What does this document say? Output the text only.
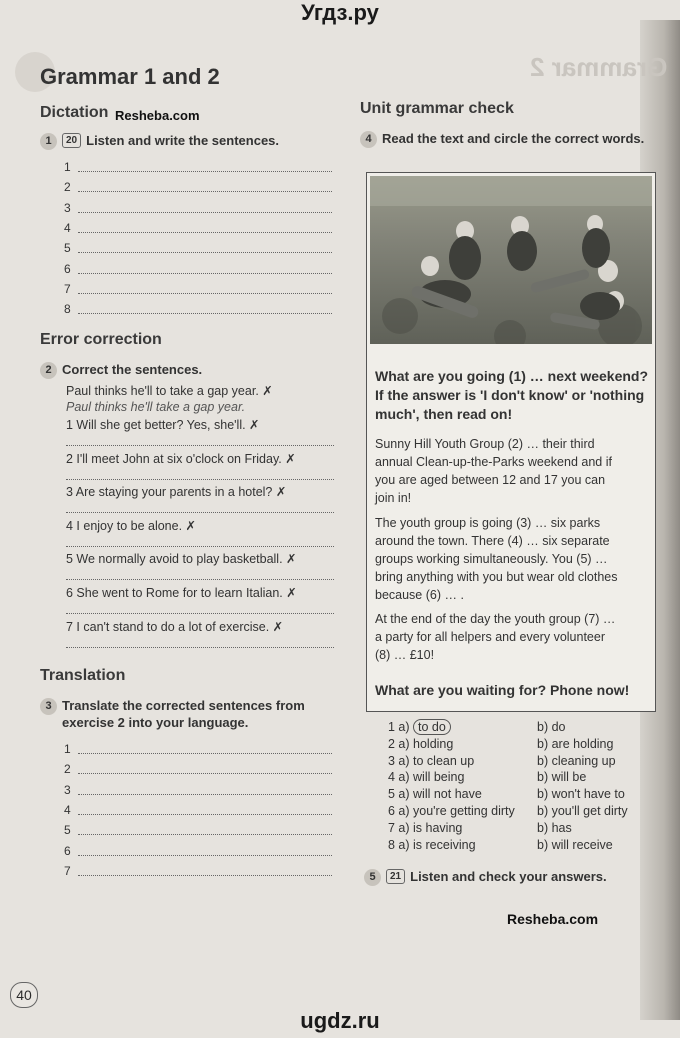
Угдз.ру
Grammar 1 and 2
Dictation Resheba.com
1	20 Listen and write the sentences.
1
2
3
4
5
6
7
8
Error correction
2 Correct the sentences.
Paul thinks he'll to take a gap year. ✗
Paul thinks he'll take a gap year.
1 Will she get better? Yes, she'll. ✗
2 I'll meet John at six o'clock on Friday. ✗
3 Are staying your parents in a hotel? ✗
4 I enjoy to be alone. ✗
5 We normally avoid to play basketball. ✗
6 She went to Rome for to learn Italian. ✗
7 I can't stand to do a lot of exercise. ✗
Translation
3 Translate the corrected sentences from
exercise 2 into your language.
1
2
3
4
5
6
7
Grammar 2
Unit grammar check
4 Read the text and circle the correct words.
What are you going (1) … next weekend?
If the answer is 'I don't know' or 'nothing
much', then read on!
Sunny Hill Youth Group (2) … their third
annual Clean-up-the-Parks weekend and if
you are aged between 12 and 17 you can
join in!
The youth group is going (3) … six parks
around the town. There (4) … six separate
groups working simultaneously. You (5) …
bring anything with you but wear old clothes
because (6) … .
At the end of the day the youth group (7) …
a party for all helpers and every volunteer
(8) … £10!
What are you waiting for? Phone now!
1 a) to do	b) do
2 a) holding	b) are holding
3 a) to clean up	b) cleaning up
4 a) will being	b) will be
5 a) will not have	b) won't have to
6 a) you're getting dirty b) you'll get dirty
7 a) is having	b) has
8 a) is receiving	b) will receive
5	21 Listen and check your answers.
Resheba.com
40
ugdz.ru
